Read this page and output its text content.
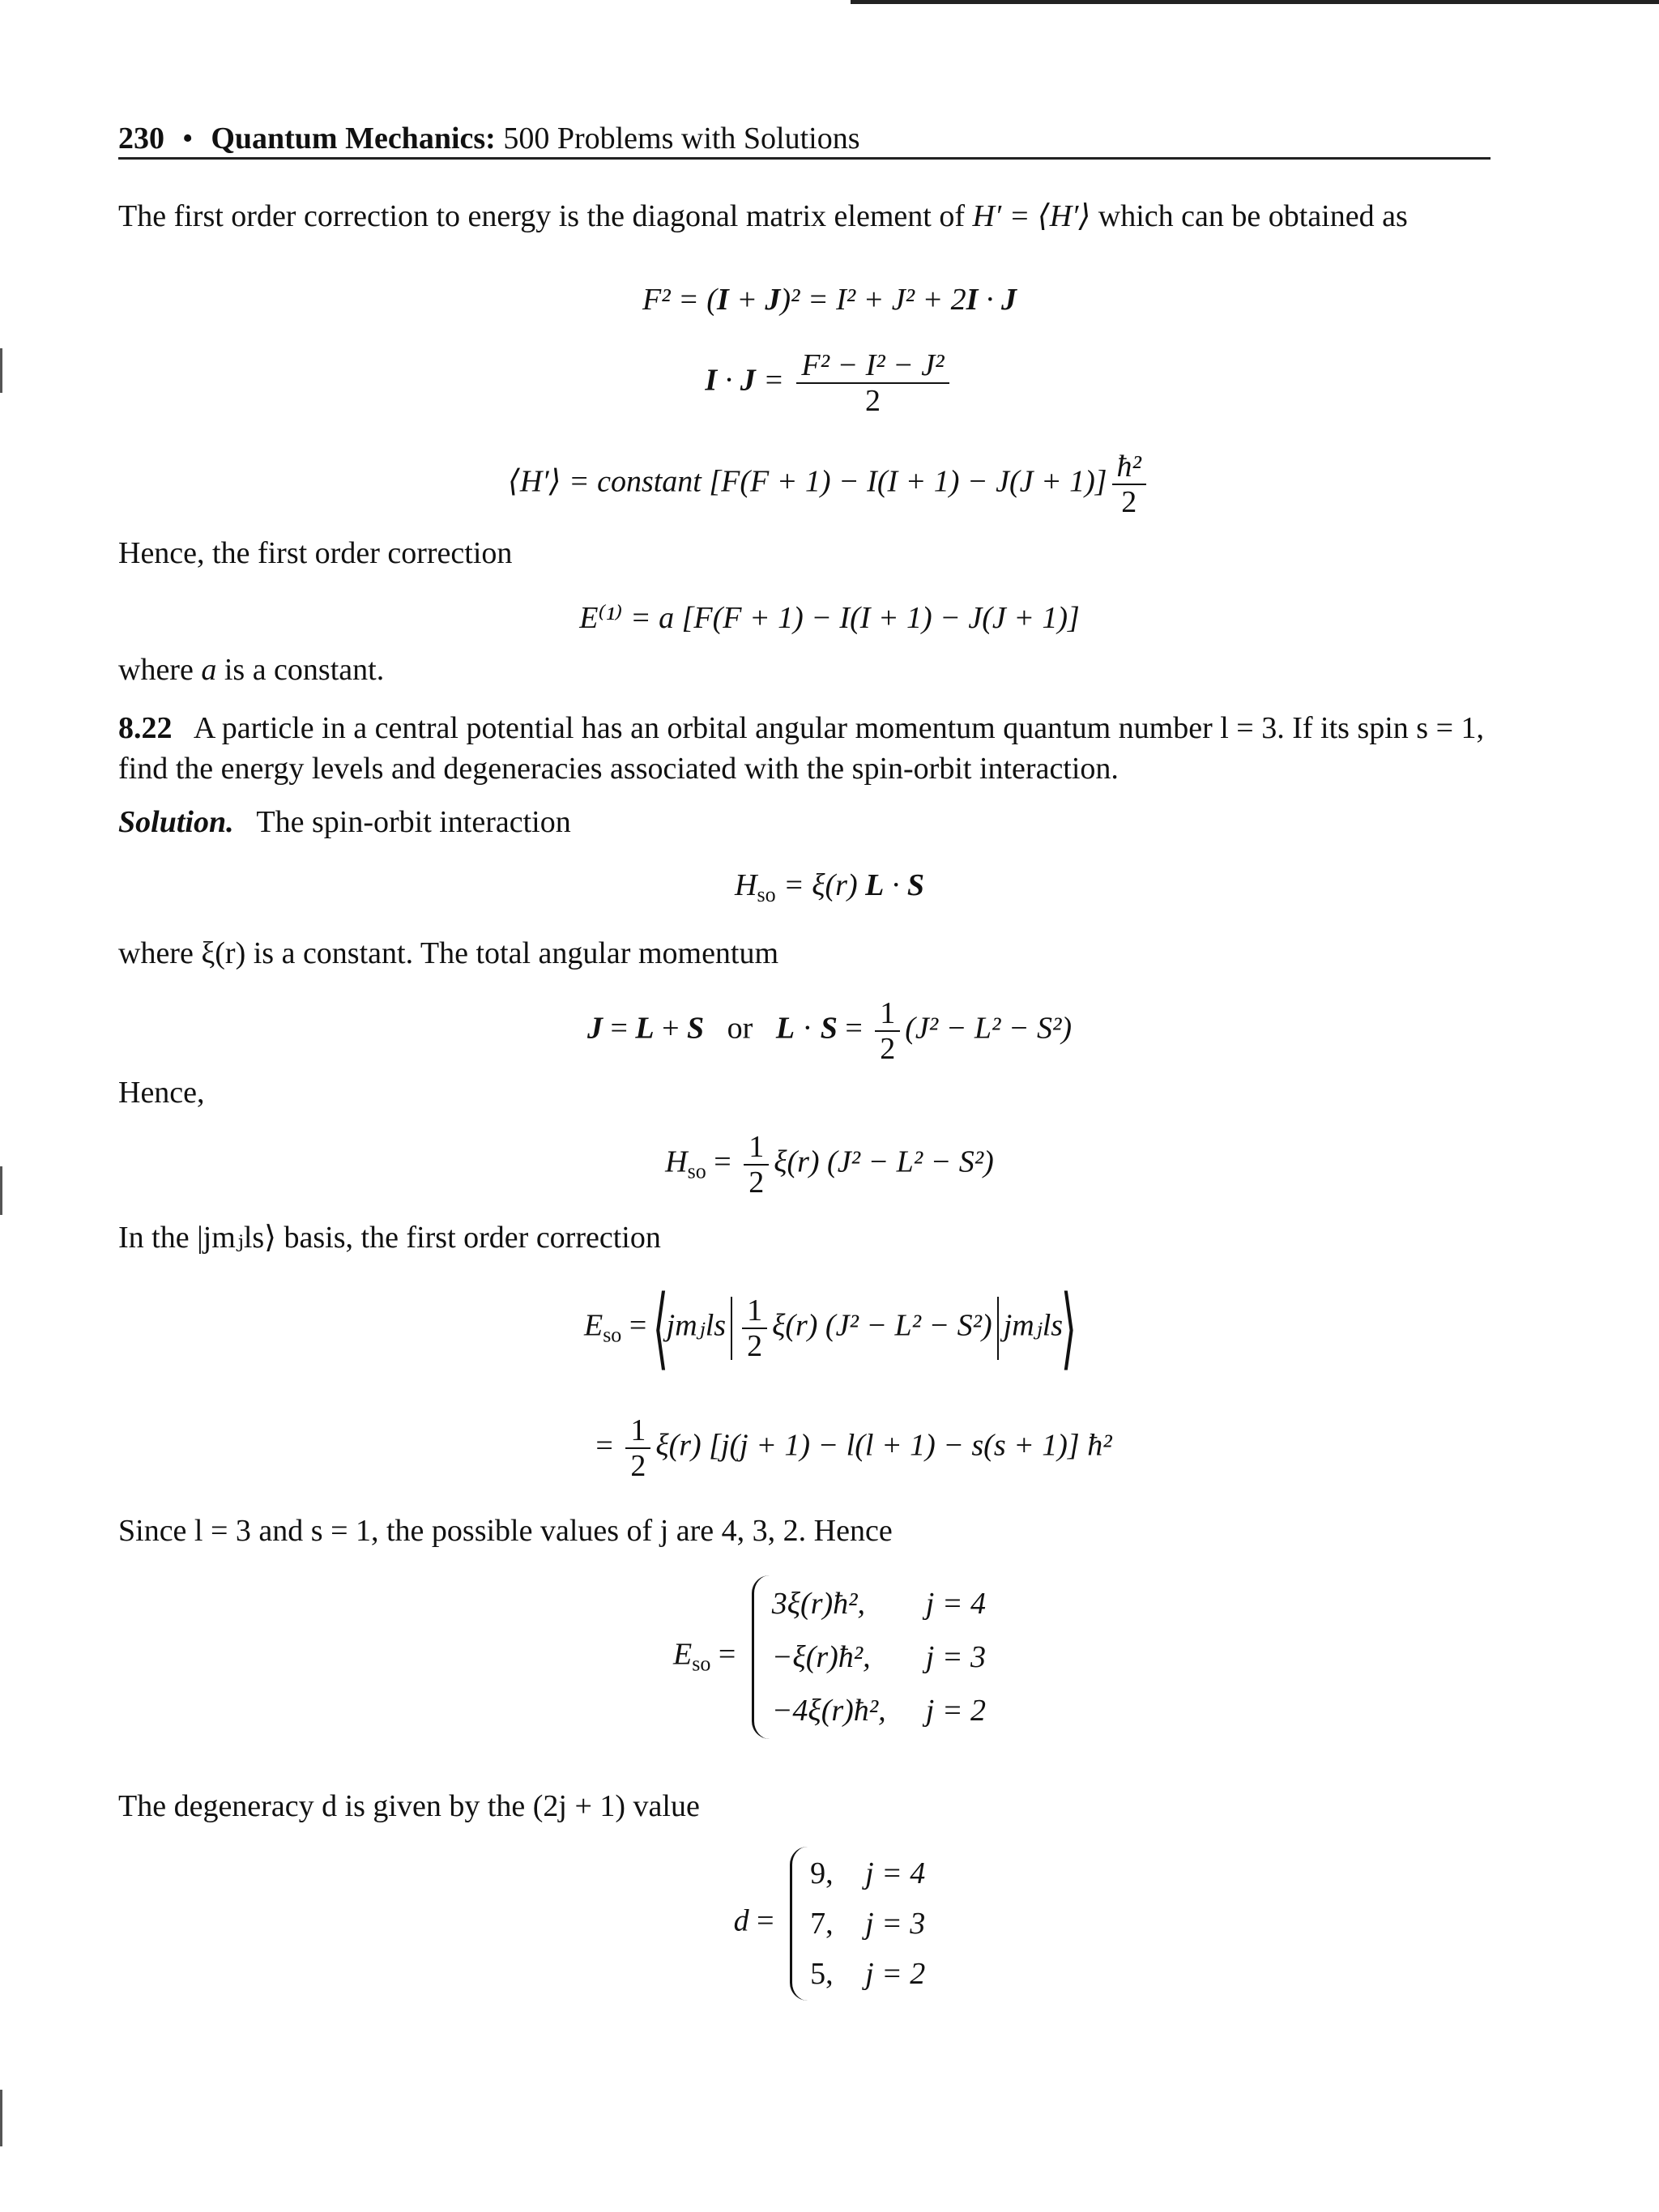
230 • Quantum Mechanics: 500 Problems with Solutions

The first order correction to energy is the diagonal matrix element of H′ = ⟨H′⟩ which can be obtained as

F² = (I + J)² = I² + J² + 2I · J
$I \cdot J = \frac{\text{F² − I² − J²}}{2}$
⟨H′⟩ = constant $[F(F + 1) - I(I + 1) - J(J + 1)] \frac{\text{ħ²}}{2}$

Hence, the first order correction

E⁽¹⁾ = a [F(F + 1) − I(I + 1) − J(J + 1)]

where a is a constant.

8.22 A particle in a central potential has an orbital angular momentum quantum number l = 3. If its spin s = 1, find the energy levels and degeneracies associated with the spin-orbit interaction.

Solution. The spin-orbit interaction

$H_{so} = \xi(r) L \cdot S$

where ξ(r) is a constant. The total angular momentum

J = L + S or $L \cdot S = \frac{1}{2} (J^2 - L^2 - S^2)$

Hence,

$H_{so} = \frac{1}{2} \xi(r) (J^2 - L^2 - S^2)$

In the |jmⱼls⟩ basis, the first order correction

$E_{so}$ = ⟨jmⱼls $\frac{1}{2} \xi(r) (J^2 - L^2 - S^2)$ jmⱼls⟩
= $\frac{1}{2} \xi(r) [j(j + 1) - l(l + 1) - s(s + 1)]$ ħ²

Since l = 3 and s = 1, the possible values of j are 4, 3, 2. Hence

$E_{so}$ =
3ξ(r)ħ², j = 4
−ξ(r)ħ², j = 3
−4ξ(r)ħ², j = 2

The degeneracy d is given by the (2j + 1) value

d =
9, j = 4
7, j = 3
5, j = 2
